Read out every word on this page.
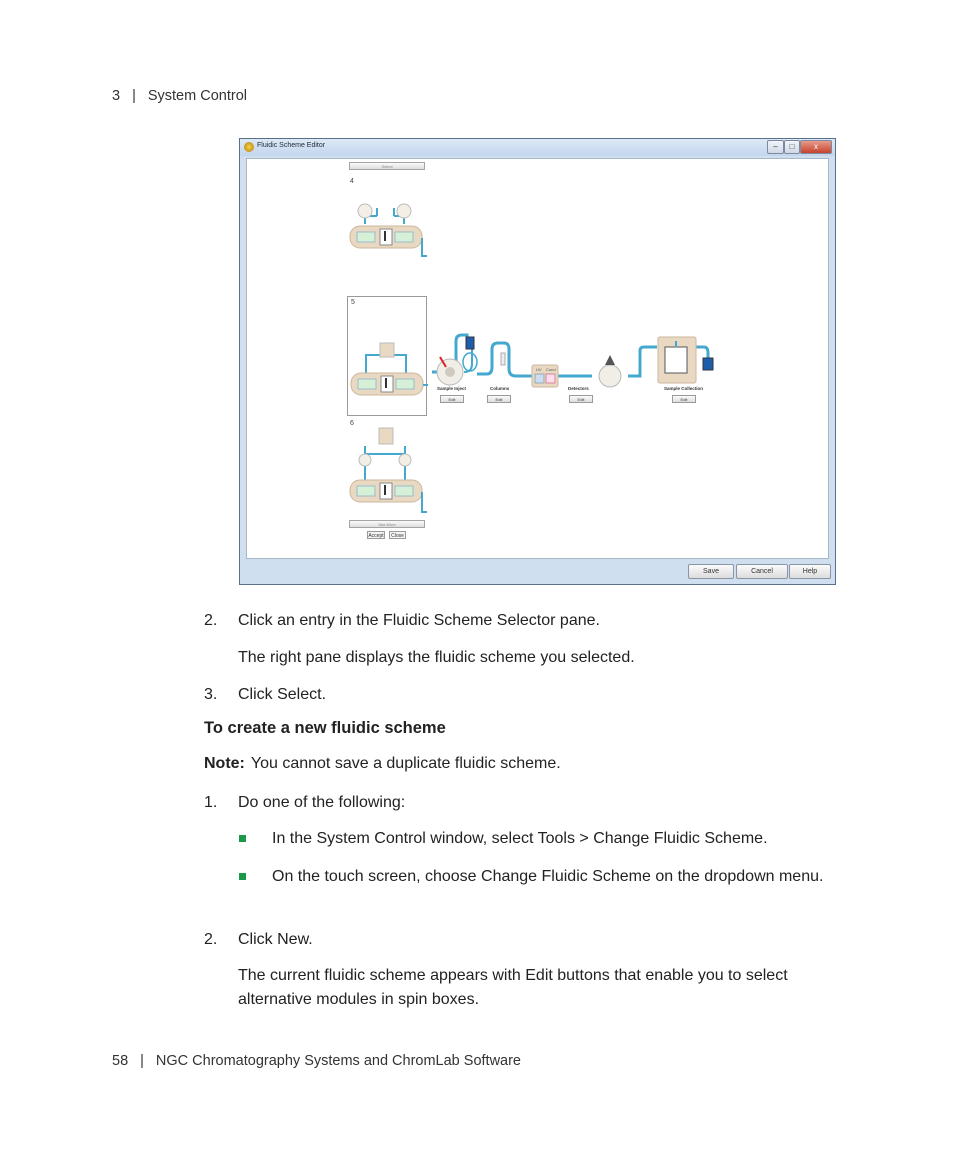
3 | System Control
Fluidic Scheme Editor	–	□	x
Select
4
5
6
See More
Accept	Close
UV Cond
Sample Inject
Edit
Columns
Edit
Detectors
Edit
Sample Collection
Edit
Save	Cancel	Help
2. Click an entry in the Fluidic Scheme Selector pane.
The right pane displays the fluidic scheme you selected.
3. Click Select.
To create a new fluidic scheme
Note: You cannot save a duplicate fluidic scheme.
1. Do one of the following:
In the System Control window, select Tools > Change Fluidic Scheme.
On the touch screen, choose Change Fluidic Scheme on the dropdown menu.
2. Click New.
The current fluidic scheme appears with Edit buttons that enable you to select alternative modules in spin boxes.
58 | NGC Chromatography Systems and ChromLab Software
